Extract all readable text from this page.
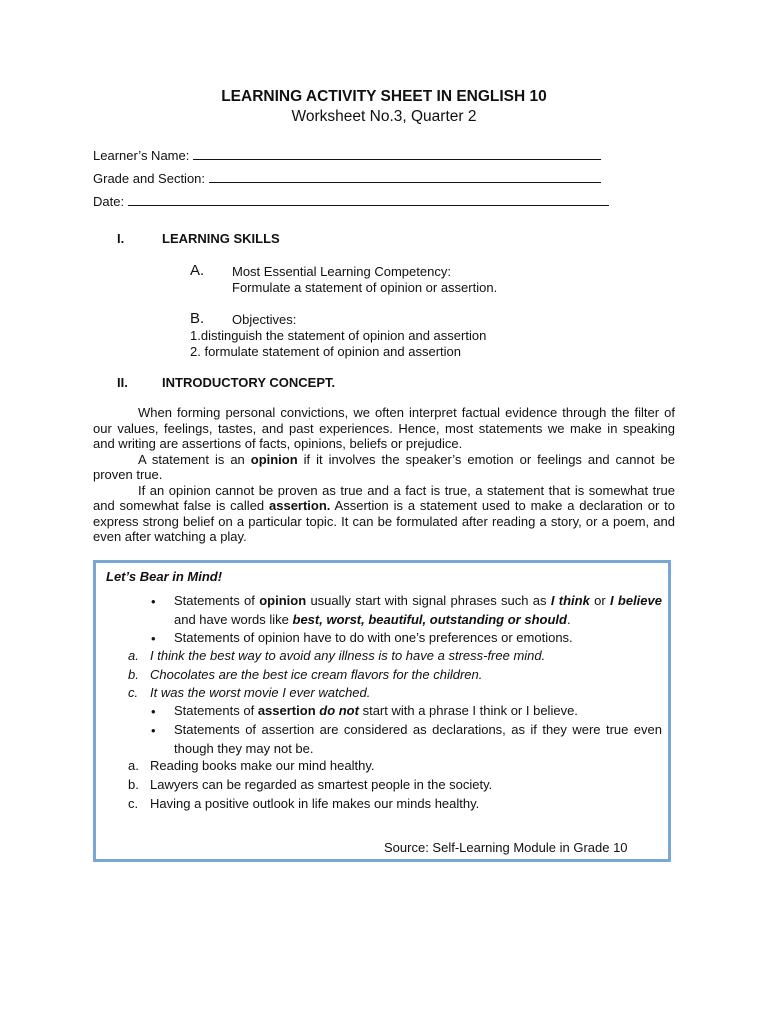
LEARNING ACTIVITY SHEET IN ENGLISH 10
Worksheet No.3, Quarter 2
Learner’s Name:
Grade and Section:
Date:
I.	LEARNING SKILLS
A. Most Essential Learning Competency:
Formulate a statement of opinion or assertion.
B. Objectives:
1.distinguish the statement of opinion and assertion
2. formulate statement of opinion and assertion
II.	INTRODUCTORY CONCEPT.

When forming personal convictions, we often interpret factual evidence through the filter of our values, feelings, tastes, and past experiences. Hence, most statements we make in speaking and writing are assertions of facts, opinions, beliefs or prejudice.

A statement is an opinion if it involves the speaker’s emotion or feelings and cannot be proven true.

If an opinion cannot be proven as true and a fact is true, a statement that is somewhat true and somewhat false is called assertion. Assertion is a statement used to make a declaration or to express strong belief on a particular topic. It can be formulated after reading a story, or a poem, and even after watching a play.

Let’s Bear in Mind!
• Statements of opinion usually start with signal phrases such as I think or I believe and have words like best, worst, beautiful, outstanding or should.
• Statements of opinion have to do with one’s preferences or emotions.
a. I think the best way to avoid any illness is to have a stress-free mind.
b. Chocolates are the best ice cream flavors for the children.
c. It was the worst movie I ever watched.
• Statements of assertion do not start with a phrase I think or I believe.
• Statements of assertion are considered as declarations, as if they were true even though they may not be.
a. Reading books make our mind healthy.
b. Lawyers can be regarded as smartest people in the society.
c. Having a positive outlook in life makes our minds healthy.
Source: Self-Learning Module in Grade 10
